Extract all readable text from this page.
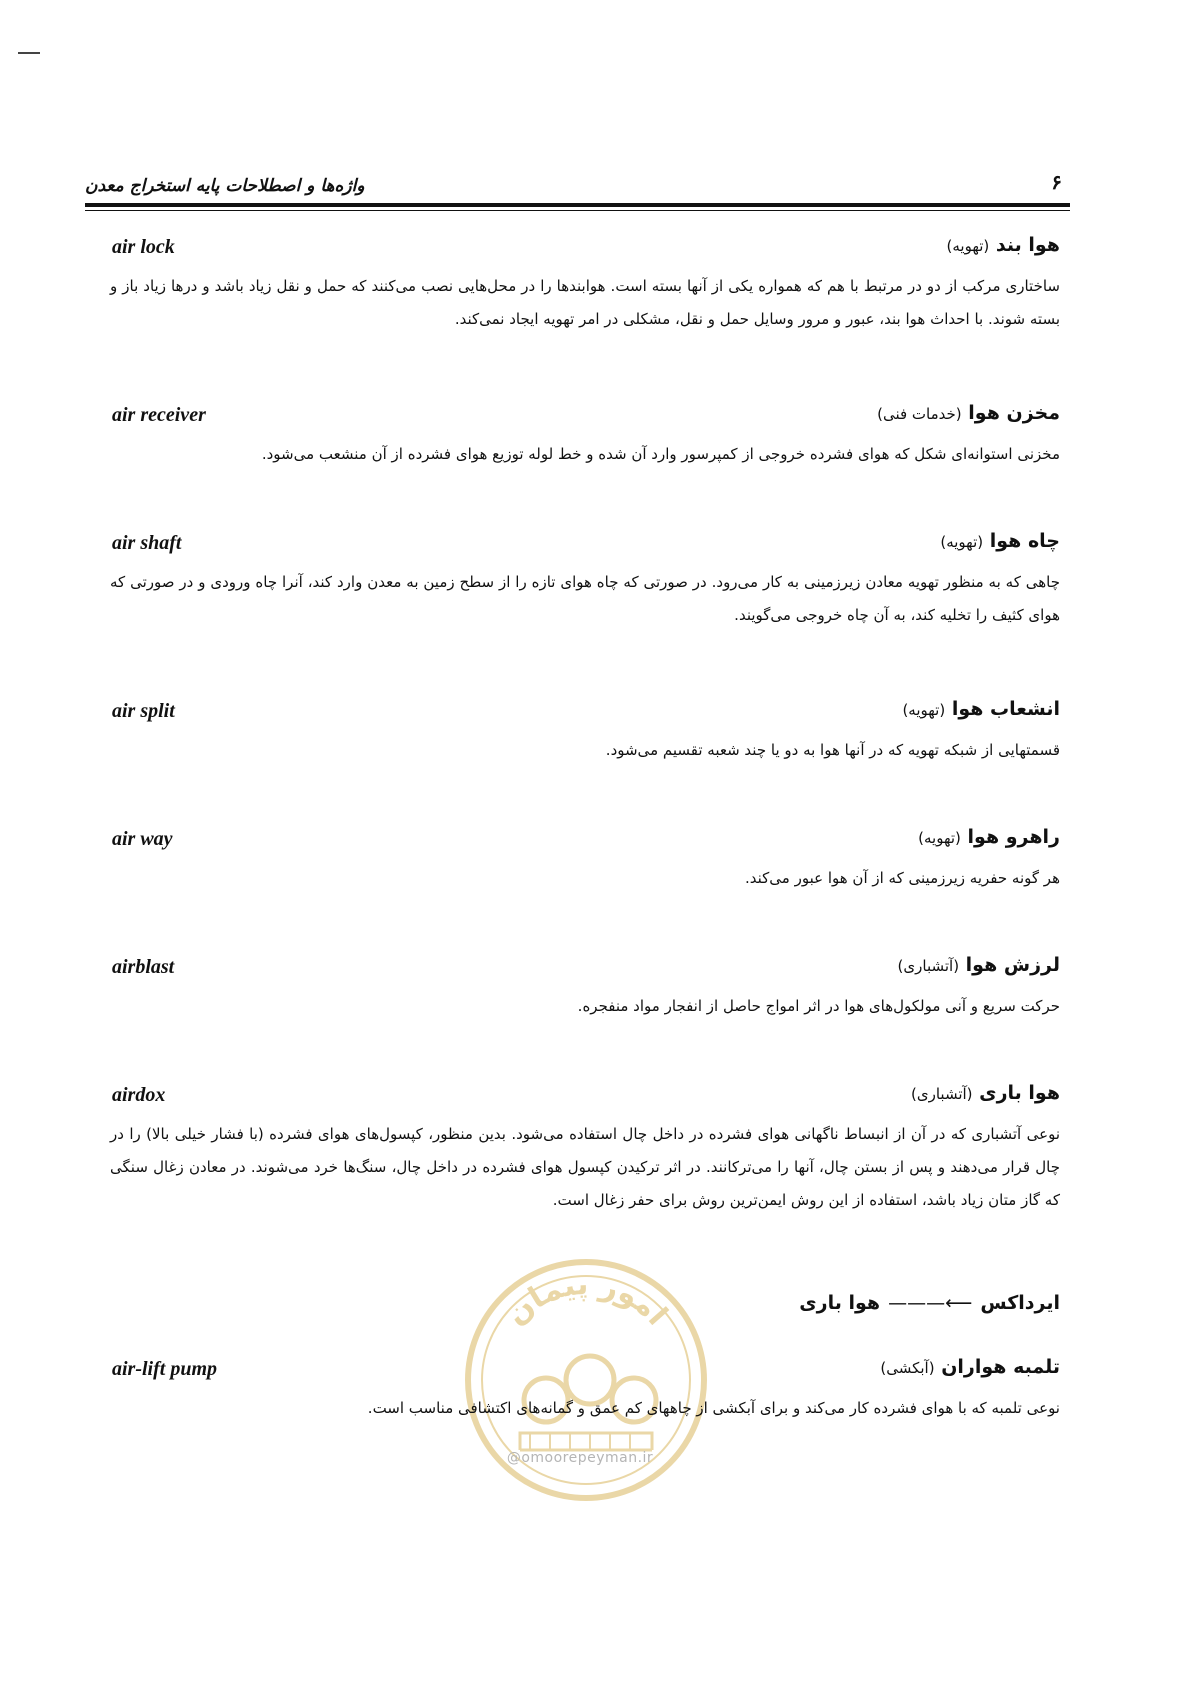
۶
واژه‌ها و اصطلاحات پایه استخراج معدن
air lock	هوا بند (تهویه)

ساختاری مرکب از دو در مرتبط با هم که همواره یکی از آنها بسته است. هوابندها را در محل‌هایی نصب می‌کنند که حمل و نقل زیاد باشد و درها زیاد باز و بسته شوند. با احداث هوا بند، عبور و مرور وسایل حمل و نقل، مشکلی در امر تهویه ایجاد نمی‌کند.

air receiver	مخزن هوا (خدمات فنی)

مخزنی استوانه‌ای شکل که هوای فشرده خروجی از کمپرسور وارد آن شده و خط لوله توزیع هوای فشرده از آن منشعب می‌شود.

air shaft	چاه هوا (تهویه)

چاهی که به منظور تهویه معادن زیرزمینی به کار می‌رود. در صورتی که چاه هوای تازه را از سطح زمین به معدن وارد کند، آنرا چاه ورودی و در صورتی که هوای کثیف را تخلیه کند، به آن چاه خروجی می‌گویند.

air split	انشعاب هوا (تهویه)

قسمتهایی از شبکه تهویه که در آنها هوا به دو یا چند شعبه تقسیم می‌شود.

air way	راهرو هوا (تهویه)

هر گونه حفریه زیرزمینی که از آن هوا عبور می‌کند.

airblast	لرزش هوا (آتشباری)

حرکت سریع و آنی مولکول‌های هوا در اثر امواج حاصل از انفجار مواد منفجره.

airdox	هوا باری (آتشباری)

نوعی آتشباری که در آن از انبساط ناگهانی هوای فشرده در داخل چال استفاده می‌شود. بدین منظور، کپسول‌های هوای فشرده (با فشار خیلی بالا) را در چال قرار می‌دهند و پس از بستن چال، آنها را می‌ترکانند. در اثر ترکیدن کپسول هوای فشرده در داخل چال، سنگ‌ها خرد می‌شوند. در معادن زغال سنگی که گاز متان زیاد باشد، استفاده از این روش ایمن‌ترین روش برای حفر زغال است.

امور پیمان	ایرداکس⟵———هوا باری
air-lift pump	تلمبه هواران (آبکشی)

نوعی تلمبه که با هوای فشرده کار می‌کند و برای آبکشی از چاههای کم عمق و گمانه‌های اکتشافی مناسب است.

@omoorepeyman.ir
